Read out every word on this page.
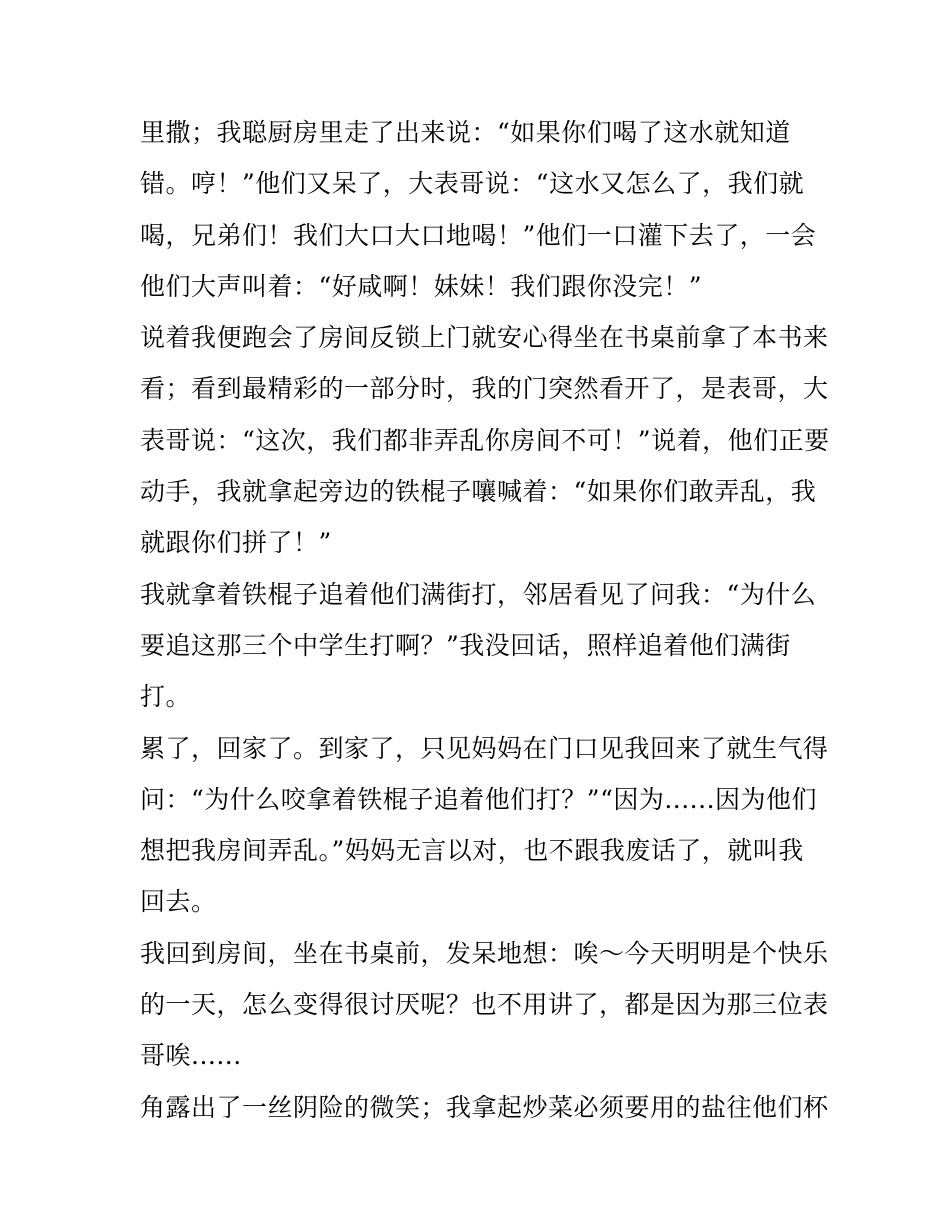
里撒；我聪厨房里走了出来说：“如果你们喝了这水就知道
错。哼！”他们又呆了，大表哥说：“这水又怎么了，我们就
喝，兄弟们！我们大口大口地喝！”他们一口灌下去了，一会
他们大声叫着：“好咸啊！妹妹！我们跟你没完！”
说着我便跑会了房间反锁上门就安心得坐在书桌前拿了本书来
看；看到最精彩的一部分时，我的门突然看开了，是表哥，大
表哥说：“这次，我们都非弄乱你房间不可！”说着，他们正要
动手，我就拿起旁边的铁棍子嚷喊着：“如果你们敢弄乱，我
就跟你们拼了！”
我就拿着铁棍子追着他们满街打，邻居看见了问我：“为什么
要追这那三个中学生打啊？”我没回话，照样追着他们满街
打。
累了，回家了。到家了，只见妈妈在门口见我回来了就生气得
问：“为什么咬拿着铁棍子追着他们打？”“因为......因为他们
想把我房间弄乱。”妈妈无言以对，也不跟我废话了，就叫我
回去。
我回到房间，坐在书桌前，发呆地想：唉～今天明明是个快乐
的一天，怎么变得很讨厌呢？也不用讲了，都是因为那三位表
哥唉......
角露出了一丝阴险的微笑；我拿起炒菜必须要用的盐往他们杯
